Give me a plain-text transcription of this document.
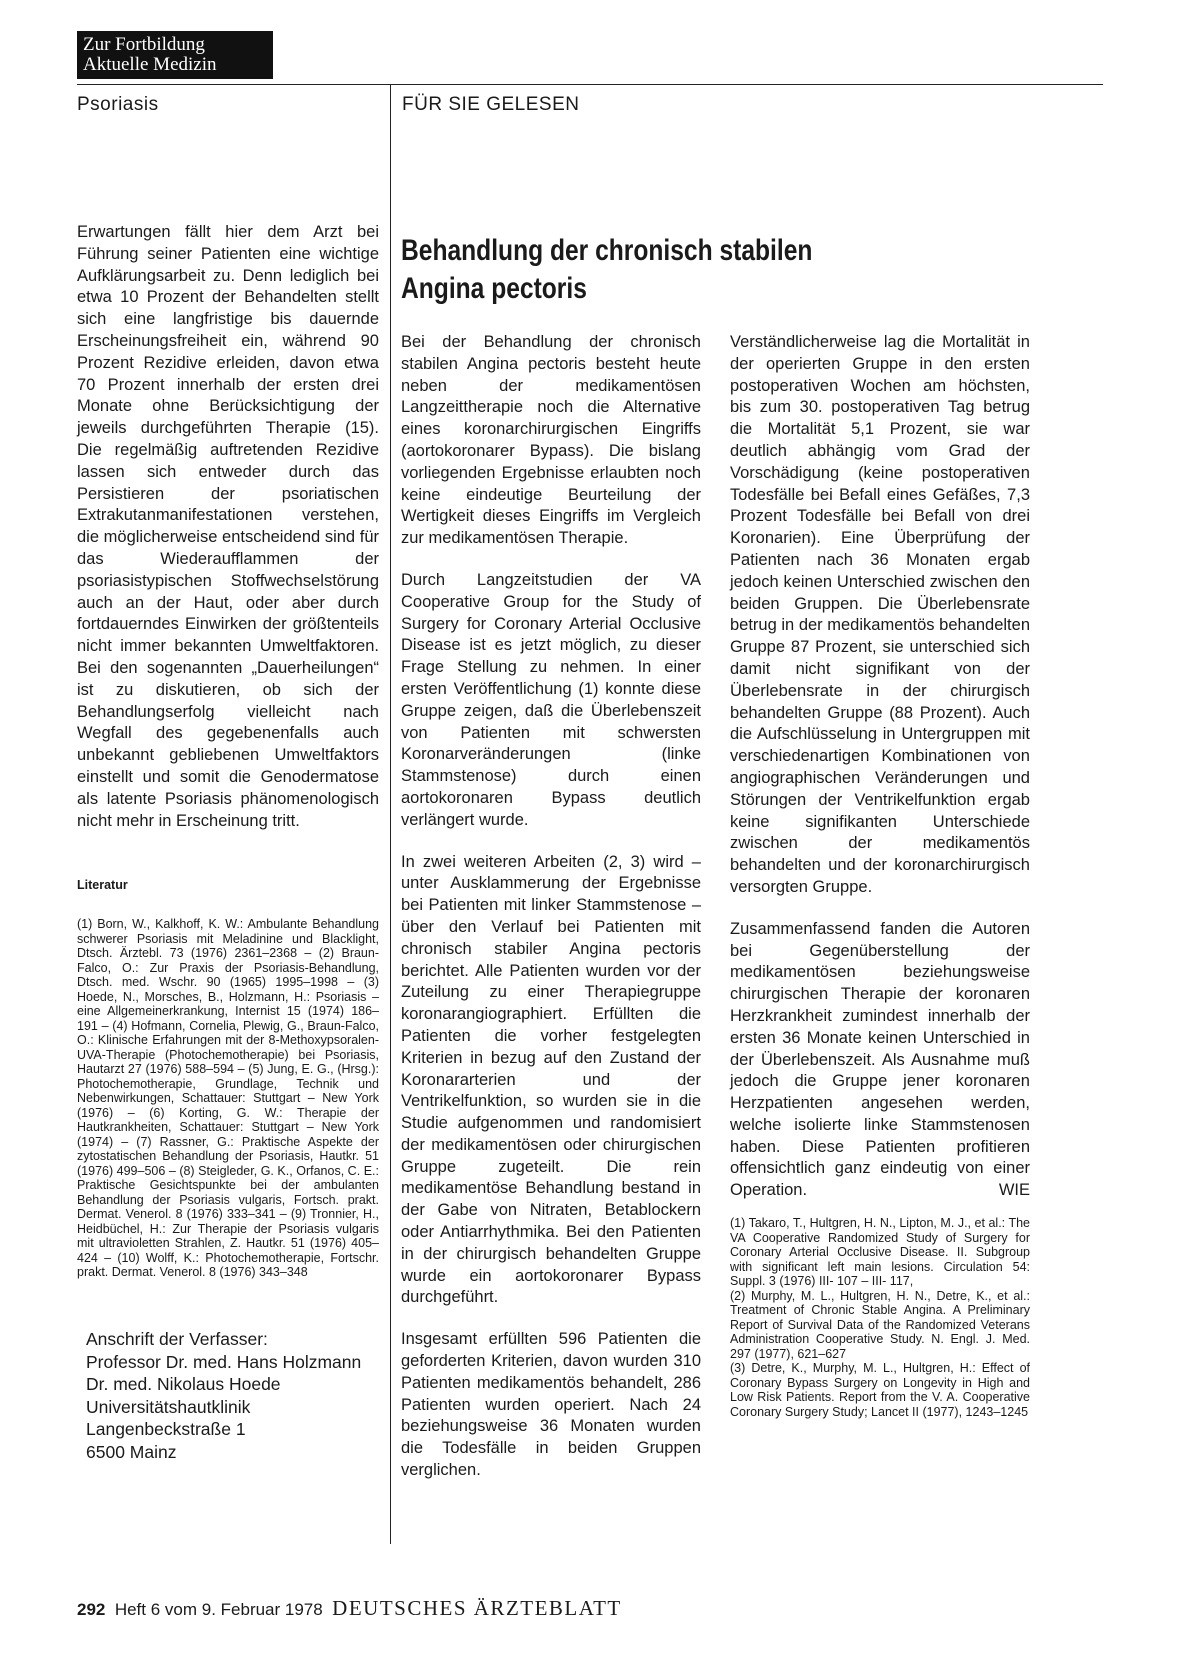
Zur Fortbildung
Aktuelle Medizin
Psoriasis	FÜR SIE GELESEN

Erwartungen fällt hier dem Arzt bei Führung seiner Patienten eine wichtige Aufklärungsarbeit zu. Denn lediglich bei etwa 10 Prozent der Behandelten stellt sich eine langfristige bis dauernde Erscheinungsfreiheit ein, während 90 Prozent Rezidive erleiden, davon etwa 70 Prozent innerhalb der ersten drei Monate ohne Berücksichtigung der jeweils durchgeführten Therapie (15). Die regelmäßig auftretenden Rezidive lassen sich entweder durch das Persistieren der psoriatischen Extrakutanmanifestationen verstehen, die möglicherweise entscheidend sind für das Wiederaufflammen der psoriasistypischen Stoffwechselstörung auch an der Haut, oder aber durch fortdauerndes Einwirken der größtenteils nicht immer bekannten Umweltfaktoren. Bei den sogenannten „Dauerheilungen“ ist zu diskutieren, ob sich der Behandlungserfolg vielleicht nach Wegfall des gegebenenfalls auch unbekannt gebliebenen Umweltfaktors einstellt und somit die Genodermatose als latente Psoriasis phänomenologisch nicht mehr in Erscheinung tritt.

Literatur
(1) Born, W., Kalkhoff, K. W.: Ambulante Behandlung schwerer Psoriasis mit Meladinine und Blacklight, Dtsch. Ärztebl. 73 (1976) 2361–2368 – (2) Braun-Falco, O.: Zur Praxis der Psoriasis-Behandlung, Dtsch. med. Wschr. 90 (1965) 1995–1998 – (3) Hoede, N., Morsches, B., Holzmann, H.: Psoriasis – eine Allgemeinerkrankung, Internist 15 (1974) 186–191 – (4) Hofmann, Cornelia, Plewig, G., Braun-Falco, O.: Klinische Erfahrungen mit der 8-Methoxypsoralen-UVA-Therapie (Photochemotherapie) bei Psoriasis, Hautarzt 27 (1976) 588–594 – (5) Jung, E. G., (Hrsg.): Photochemotherapie, Grundlage, Technik und Nebenwirkungen, Schattauer: Stuttgart – New York (1976) – (6) Korting, G. W.: Therapie der Hautkrankheiten, Schattauer: Stuttgart – New York (1974) – (7) Rassner, G.: Praktische Aspekte der zytostatischen Behandlung der Psoriasis, Hautkr. 51 (1976) 499–506 – (8) Steigleder, G. K., Orfanos, C. E.: Praktische Gesichtspunkte bei der ambulanten Behandlung der Psoriasis vulgaris, Fortsch. prakt. Dermat. Venerol. 8 (1976) 333–341 – (9) Tronnier, H., Heidbüchel, H.: Zur Therapie der Psoriasis vulgaris mit ultravioletten Strahlen, Z. Hautkr. 51 (1976) 405–424 – (10) Wolff, K.: Photochemotherapie, Fortschr. prakt. Dermat. Venerol. 8 (1976) 343–348
Anschrift der Verfasser:
Professor Dr. med. Hans Holzmann
Dr. med. Nikolaus Hoede
Universitätshautklinik
Langenbeckstraße 1
6500 Mainz
Behandlung der chronisch stabilen
Angina pectoris

Bei der Behandlung der chronisch stabilen Angina pectoris besteht heute neben der medikamentösen Langzeittherapie noch die Alternative eines koronarchirurgischen Eingriffs (aortokoronarer Bypass). Die bislang vorliegenden Ergebnisse erlaubten noch keine eindeutige Beurteilung der Wertigkeit dieses Eingriffs im Vergleich zur medikamentösen Therapie.

Durch Langzeitstudien der VA Cooperative Group for the Study of Surgery for Coronary Arterial Occlusive Disease ist es jetzt möglich, zu dieser Frage Stellung zu nehmen. In einer ersten Veröffentlichung (1) konnte diese Gruppe zeigen, daß die Überlebenszeit von Patienten mit schwersten Koronarveränderungen (linke Stammstenose) durch einen aortokoronaren Bypass deutlich verlängert wurde.

In zwei weiteren Arbeiten (2, 3) wird – unter Ausklammerung der Ergebnisse bei Patienten mit linker Stammstenose – über den Verlauf bei Patienten mit chronisch stabiler Angina pectoris berichtet. Alle Patienten wurden vor der Zuteilung zu einer Therapiegruppe koronarangiographiert. Erfüllten die Patienten die vorher festgelegten Kriterien in bezug auf den Zustand der Koronararterien und der Ventrikelfunktion, so wurden sie in die Studie aufgenommen und randomisiert der medikamentösen oder chirurgischen Gruppe zugeteilt. Die rein medikamentöse Behandlung bestand in der Gabe von Nitraten, Betablockern oder Antiarrhythmika. Bei den Patienten in der chirurgisch behandelten Gruppe wurde ein aortokoronarer Bypass durchgeführt.

Insgesamt erfüllten 596 Patienten die geforderten Kriterien, davon wurden 310 Patienten medikamentös behandelt, 286 Patienten wurden operiert. Nach 24 beziehungsweise 36 Monaten wurden die Todesfälle in beiden Gruppen verglichen.

Verständlicherweise lag die Mortalität in der operierten Gruppe in den ersten postoperativen Wochen am höchsten, bis zum 30. postoperativen Tag betrug die Mortalität 5,1 Prozent, sie war deutlich abhängig vom Grad der Vorschädigung (keine postoperativen Todesfälle bei Befall eines Gefäßes, 7,3 Prozent Todesfälle bei Befall von drei Koronarien). Eine Überprüfung der Patienten nach 36 Monaten ergab jedoch keinen Unterschied zwischen den beiden Gruppen. Die Überlebensrate betrug in der medikamentös behandelten Gruppe 87 Prozent, sie unterschied sich damit nicht signifikant von der Überlebensrate in der chirurgisch behandelten Gruppe (88 Prozent). Auch die Aufschlüsselung in Untergruppen mit verschiedenartigen Kombinationen von angiographischen Veränderungen und Störungen der Ventrikelfunktion ergab keine signifikanten Unterschiede zwischen der medikamentös behandelten und der koronarchirurgisch versorgten Gruppe.

Zusammenfassend fanden die Autoren bei Gegenüberstellung der medikamentösen beziehungsweise chirurgischen Therapie der koronaren Herzkrankheit zumindest innerhalb der ersten 36 Monate keinen Unterschied in der Überlebenszeit. Als Ausnahme muß jedoch die Gruppe jener koronaren Herzpatienten angesehen werden, welche isolierte linke Stammstenosen haben. Diese Patienten profitieren offensichtlich ganz eindeutig von einer Operation.	WIE

(1) Takaro, T., Hultgren, H. N., Lipton, M. J., et al.: The VA Cooperative Randomized Study of Surgery for Coronary Arterial Occlusive Disease. II. Subgroup with significant left main lesions. Circulation 54: Suppl. 3 (1976) III- 107 – III- 117,
(2) Murphy, M. L., Hultgren, H. N., Detre, K., et al.: Treatment of Chronic Stable Angina. A Preliminary Report of Survival Data of the Randomized Veterans Administration Cooperative Study. N. Engl. J. Med. 297 (1977), 621–627
(3) Detre, K., Murphy, M. L., Hultgren, H.: Effect of Coronary Bypass Surgery on Longevity in High and Low Risk Patients. Report from the V. A. Cooperative Coronary Surgery Study; Lancet II (1977), 1243–1245
292 Heft 6 vom 9. Februar 1978 DEUTSCHES ÄRZTEBLATT
